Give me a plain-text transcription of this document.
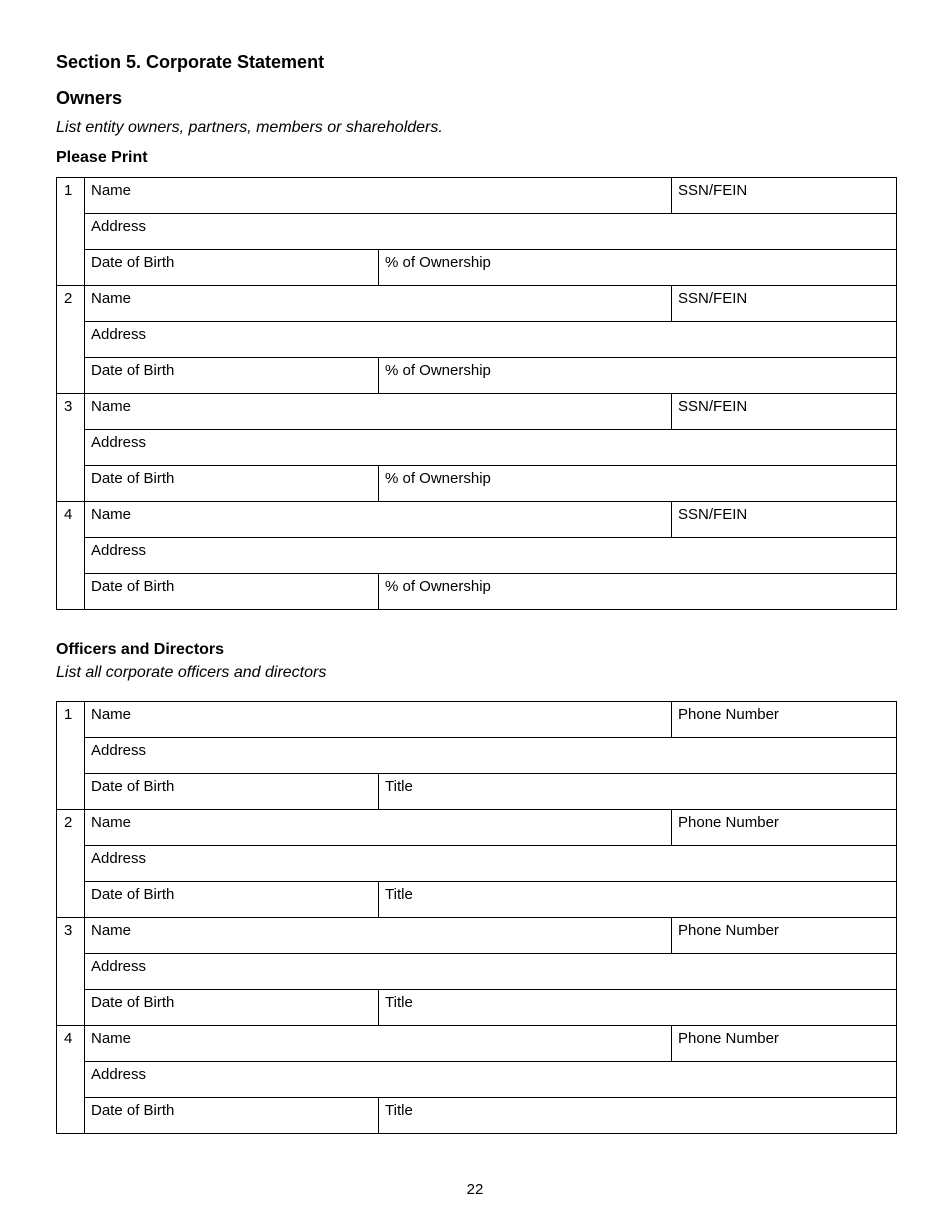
Section 5. Corporate Statement
Owners
List entity owners, partners, members or shareholders.
Please Print
1	Name		SSN/FEIN
	Address		
	Date of Birth	% of Ownership	
2	Name		SSN/FEIN
	Address		
	Date of Birth	% of Ownership	
3	Name		SSN/FEIN
	Address		
	Date of Birth	% of Ownership	
4	Name		SSN/FEIN
	Address		
	Date of Birth	% of Ownership	
Officers and Directors
List all corporate officers and directors
1	Name		Phone Number
	Address		
	Date of Birth	Title	
2	Name		Phone Number
	Address		
	Date of Birth	Title	
3	Name		Phone Number
	Address		
	Date of Birth	Title	
4	Name		Phone Number
	Address		
	Date of Birth	Title	
22
